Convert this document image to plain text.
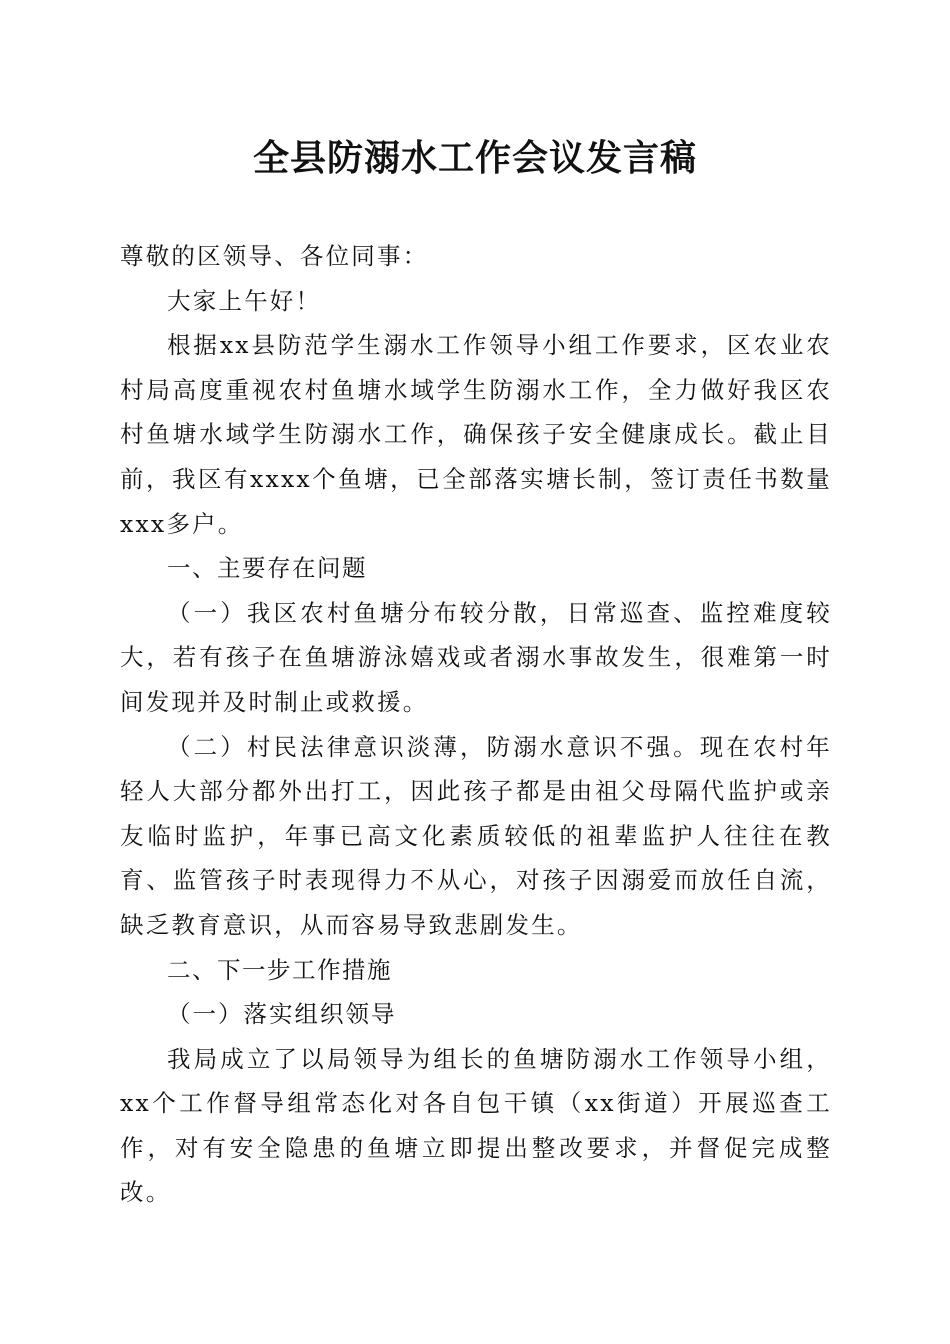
全县防溺水工作会议发言稿

尊敬的区领导、各位同事：

大家上午好！

根据xx县防范学生溺水工作领导小组工作要求，区农业农村局高度重视农村鱼塘水域学生防溺水工作，全力做好我区农村鱼塘水域学生防溺水工作，确保孩子安全健康成长。截止目前，我区有xxxx个鱼塘，已全部落实塘长制，签订责任书数量xxx多户。

一、主要存在问题

（一）我区农村鱼塘分布较分散，日常巡查、监控难度较大，若有孩子在鱼塘游泳嬉戏或者溺水事故发生，很难第一时间发现并及时制止或救援。

（二）村民法律意识淡薄，防溺水意识不强。现在农村年轻人大部分都外出打工，因此孩子都是由祖父母隔代监护或亲友临时监护，年事已高文化素质较低的祖辈监护人往往在教育、监管孩子时表现得力不从心，对孩子因溺爱而放任自流，缺乏教育意识，从而容易导致悲剧发生。

二、下一步工作措施

（一）落实组织领导

我局成立了以局领导为组长的鱼塘防溺水工作领导小组，xx个工作督导组常态化对各自包干镇（xx街道）开展巡查工作，对有安全隐患的鱼塘立即提出整改要求，并督促完成整改。
